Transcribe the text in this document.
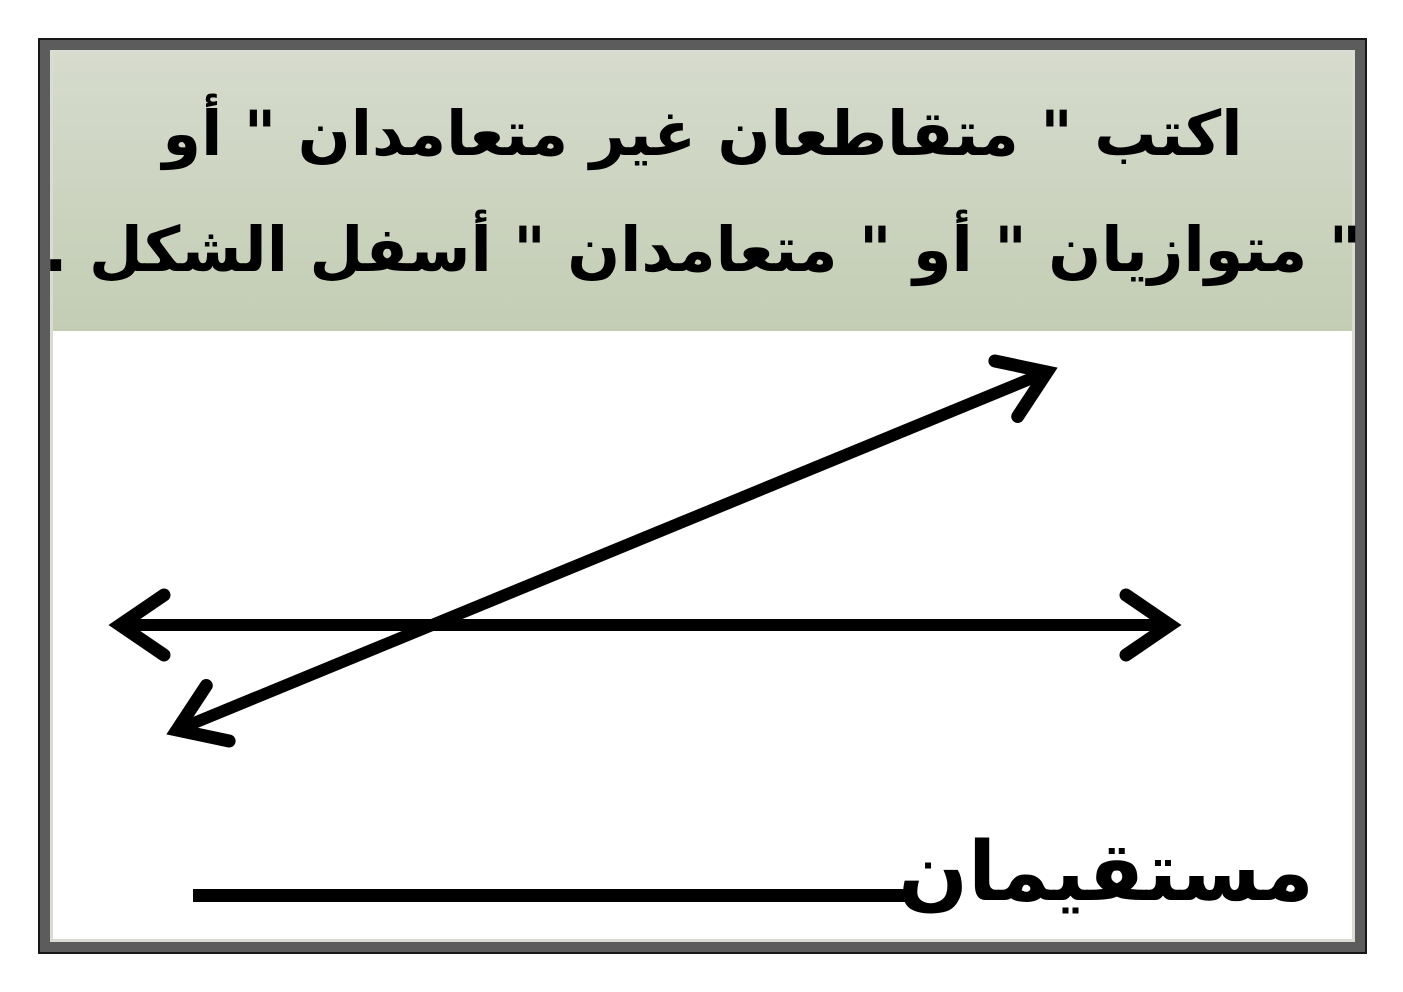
اكتب " متقاطعان غير متعامدان " أو
" متوازيان " أو " متعامدان " أسفل الشكل .
مستقيمان
